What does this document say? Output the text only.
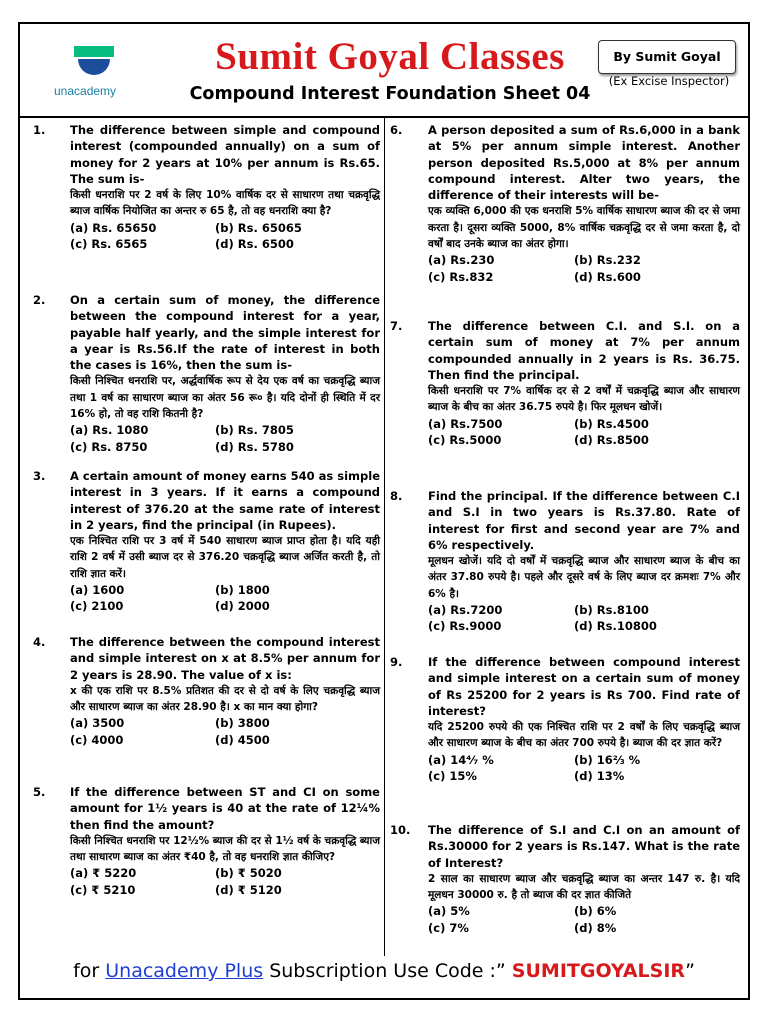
unacademy
Sumit Goyal Classes
Compound Interest Foundation Sheet 04
By Sumit Goyal
(Ex Excise Inspector)
1. The difference between simple and compound interest (compounded annually) on a sum of money for 2 years at 10% per annum is Rs.65. The sum is-
किसी धनराशि पर 2 वर्ष के लिए 10% वार्षिक दर से साधारण तथा चक्रवृद्धि ब्याज वार्षिक नियोजित का अन्तर रु 65 है, तो वह धनराशि क्या है?
(a) Rs. 65650	(b) Rs. 65065
(c) Rs. 6565	(d) Rs. 6500
2. On a certain sum of money, the difference between the compound interest for a year, payable half yearly, and the simple interest for a year is Rs.56.If the rate of interest in both the cases is 16%, then the sum is-
किसी निश्चित धनराशि पर, अर्द्धवार्षिक रूप से देय एक वर्ष का चक्रवृद्धि ब्याज तथा 1 वर्ष का साधारण ब्याज का अंतर 56 रू० है। यदि दोनों ही स्थिति में दर 16% हो, तो वह राशि कितनी है?
(a) Rs. 1080	(b) Rs. 7805
(c) Rs. 8750	(d) Rs. 5780
3. A certain amount of money earns 540 as simple interest in 3 years. If it earns a compound interest of 376.20 at the same rate of interest in 2 years, find the principal (in Rupees).
एक निश्चित राशि पर 3 वर्ष में 540 साधारण ब्याज प्राप्त होता है। यदि यही राशि 2 वर्ष में उसी ब्याज दर से 376.20 चक्रवृद्धि ब्याज अर्जित करती है, तो राशि ज्ञात करें।
(a) 1600	(b) 1800
(c) 2100	(d) 2000
4. The difference between the compound interest and simple interest on x at 8.5% per annum for 2 years is 28.90. The value of x is:
x की एक राशि पर 8.5% प्रतिशत की दर से दो वर्ष के लिए चक्रवृद्धि ब्याज और साधारण ब्याज का अंतर 28.90 है। x का मान क्या होगा?
(a) 3500	(b) 3800
(c) 4000	(d) 4500
5. If the difference between ST and CI on some amount for 1½ years is 40 at the rate of 12¼% then find the amount?
किसी निश्चित धनराशि पर 12½% ब्याज की दर से 1½ वर्ष के चक्रवृद्धि ब्याज तथा साधारण ब्याज का अंतर ₹40 है, तो वह धनराशि ज्ञात कीजिए?
(a) ₹ 5220	(b) ₹ 5020
(c) ₹ 5210	(d) ₹ 5120
6. A person deposited a sum of Rs.6,000 in a bank at 5% per annum simple interest. Another person deposited Rs.5,000 at 8% per annum compound interest. Alter two years, the difference of their interests will be-
एक व्यक्ति 6,000 की एक धनराशि 5% वार्षिक साधारण ब्याज की दर से जमा करता है। दूसरा व्यक्ति 5000, 8% वार्षिक चक्रवृद्धि दर से जमा करता है, दो वर्षों बाद उनके ब्याज का अंतर होगा।
(a) Rs.230	(b) Rs.232
(c) Rs.832	(d) Rs.600
7. The difference between C.I. and S.I. on a certain sum of money at 7% per annum compounded annually in 2 years is Rs. 36.75. Then find the principal.
किसी धनराशि पर 7% वार्षिक दर से 2 वर्षों में चक्रवृद्धि ब्याज और साधारण ब्याज के बीच का अंतर 36.75 रुपये है। फिर मूलधन खोजें।
(a) Rs.7500	(b) Rs.4500
(c) Rs.5000	(d) Rs.8500
8. Find the principal. If the difference between C.I and S.I in two years is Rs.37.80. Rate of interest for first and second year are 7% and 6% respectively.
मूलधन खोजें। यदि दो वर्षों में चक्रवृद्धि ब्याज और साधारण ब्याज के बीच का अंतर 37.80 रुपये है। पहले और दूसरे वर्ष के लिए ब्याज दर क्रमशः 7% और 6% है।
(a) Rs.7200	(b) Rs.8100
(c) Rs.9000	(d) Rs.10800
9. If the difference between compound interest and simple interest on a certain sum of money of Rs 25200 for 2 years is Rs 700. Find rate of interest?
यदि 25200 रुपये की एक निश्चित राशि पर 2 वर्षों के लिए चक्रवृद्धि ब्याज और साधारण ब्याज के बीच का अंतर 700 रुपये है। ब्याज की दर ज्ञात करें?
(a) 14⁴⁄₇ %	(b) 16⅔ %
(c) 15%	(d) 13%
10. The difference of S.I and C.I on an amount of Rs.30000 for 2 years is Rs.147. What is the rate of Interest?
2 साल का साधारण ब्याज और चक्रवृद्धि ब्याज का अन्तर 147 रु. है। यदि मूलधन 30000 रु. है तो ब्याज की दर ज्ञात कीजिते
(a) 5%	(b) 6%
(c) 7%	(d) 8%
for Unacademy Plus Subscription Use Code :” SUMITGOYALSIR”
